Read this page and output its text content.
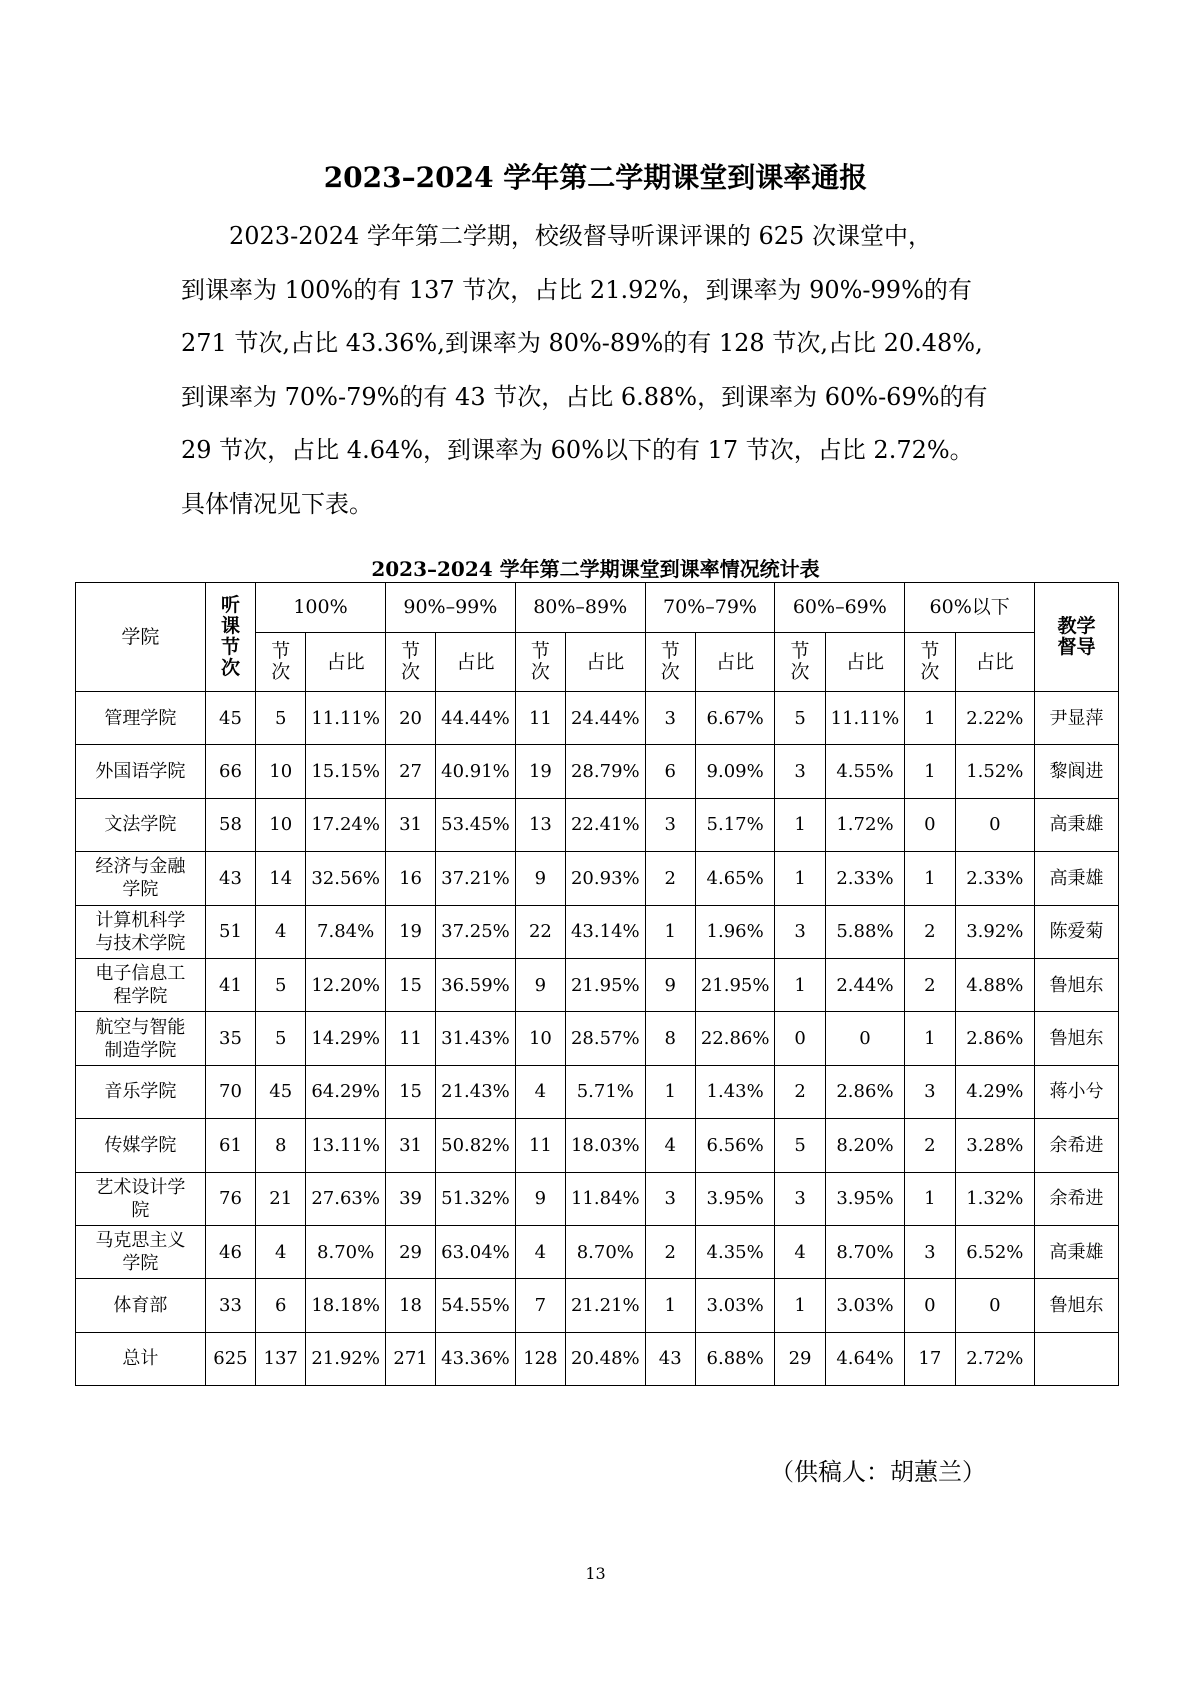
2023–2024 学年第二学期课堂到课率通报
2023-2024 学年第二学期，校级督导听课评课的 625 次课堂中，
到课率为 100%的有 137 节次，占比 21.92%，到课率为 90%-99%的有
271 节次,占比 43.36%,到课率为 80%-89%的有 128 节次,占比 20.48%,
到课率为 70%-79%的有 43 节次，占比 6.88%，到课率为 60%-69%的有
29 节次，占比 4.64%，到课率为 60%以下的有 17 节次，占比 2.72%。
具体情况见下表。
2023–2024 学年第二学期课堂到课率情况统计表
学院	听课节次	100%		90%–99%		80%–89%		70%–79%		60%–69%		60%以下		教学督导
		节次	占比	节次	占比	节次	占比	节次	占比	节次	占比	节次	占比	
管理学院	45	5	11.11%	20	44.44%	11	24.44%	3	6.67%	5	11.11%	1	2.22%	尹显萍
外国语学院	66	10	15.15%	27	40.91%	19	28.79%	6	9.09%	3	4.55%	1	1.52%	黎阆进
文法学院	58	10	17.24%	31	53.45%	13	22.41%	3	5.17%	1	1.72%	0	0	高秉雄
经济与金融学院	43	14	32.56%	16	37.21%	9	20.93%	2	4.65%	1	2.33%	1	2.33%	高秉雄
计算机科学与技术学院	51	4	7.84%	19	37.25%	22	43.14%	1	1.96%	3	5.88%	2	3.92%	陈爱菊
电子信息工程学院	41	5	12.20%	15	36.59%	9	21.95%	9	21.95%	1	2.44%	2	4.88%	鲁旭东
航空与智能制造学院	35	5	14.29%	11	31.43%	10	28.57%	8	22.86%	0	0	1	2.86%	鲁旭东
音乐学院	70	45	64.29%	15	21.43%	4	5.71%	1	1.43%	2	2.86%	3	4.29%	蒋小兮
传媒学院	61	8	13.11%	31	50.82%	11	18.03%	4	6.56%	5	8.20%	2	3.28%	余希进
艺术设计学院	76	21	27.63%	39	51.32%	9	11.84%	3	3.95%	3	3.95%	1	1.32%	余希进
马克思主义学院	46	4	8.70%	29	63.04%	4	8.70%	2	4.35%	4	8.70%	3	6.52%	高秉雄
体育部	33	6	18.18%	18	54.55%	7	21.21%	1	3.03%	1	3.03%	0	0	鲁旭东
总计	625	137	21.92%	271	43.36%	128	20.48%	43	6.88%	29	4.64%	17	2.72%	
（供稿人：胡蕙兰）
13
